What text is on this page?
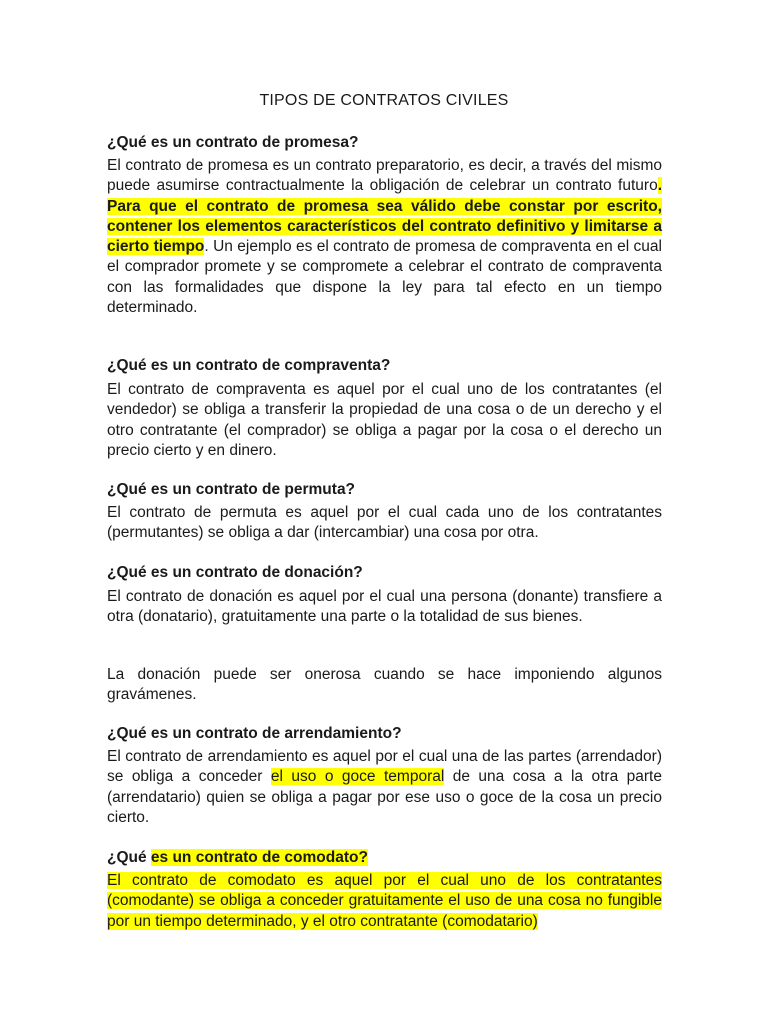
TIPOS DE CONTRATOS CIVILES
¿Qué es un contrato de promesa?
El contrato de promesa es un contrato preparatorio, es decir, a través del mismo puede asumirse contractualmente la obligación de celebrar un contrato futuro. Para que el contrato de promesa sea válido debe constar por escrito, contener los elementos característicos del contrato definitivo y limitarse a cierto tiempo. Un ejemplo es el contrato de promesa de compraventa en el cual el comprador promete y se compromete a celebrar el contrato de compraventa con las formalidades que dispone la ley para tal efecto en un tiempo determinado.
¿Qué es un contrato de compraventa?
El contrato de compraventa es aquel por el cual uno de los contratantes (el vendedor) se obliga a transferir la propiedad de una cosa o de un derecho y el otro contratante (el comprador) se obliga a pagar por la cosa o el derecho un precio cierto y en dinero.
¿Qué es un contrato de permuta?
El contrato de permuta es aquel por el cual cada uno de los contratantes (permutantes) se obliga a dar (intercambiar) una cosa por otra.
¿Qué es un contrato de donación?
El contrato de donación es aquel por el cual una persona (donante) transfiere a otra (donatario), gratuitamente una parte o la totalidad de sus bienes.
La donación puede ser onerosa cuando se hace imponiendo algunos gravámenes.
¿Qué es un contrato de arrendamiento?
El contrato de arrendamiento es aquel por el cual una de las partes (arrendador) se obliga a conceder el uso o goce temporal de una cosa a la otra parte (arrendatario) quien se obliga a pagar por ese uso o goce de la cosa un precio cierto.
¿Qué es un contrato de comodato?
El contrato de comodato es aquel por el cual uno de los contratantes (comodante) se obliga a conceder gratuitamente el uso de una cosa no fungible por un tiempo determinado, y el otro contratante (comodatario)
